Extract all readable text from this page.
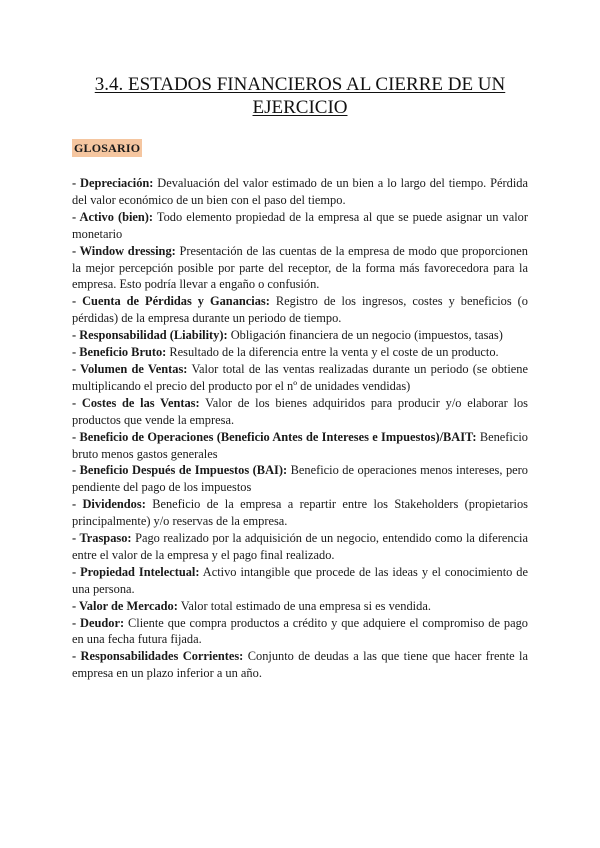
3.4. ESTADOS FINANCIEROS AL CIERRE DE UN EJERCICIO
GLOSARIO

- Depreciación: Devaluación del valor estimado de un bien a lo largo del tiempo. Pérdida del valor económico de un bien con el paso del tiempo.

- Activo (bien): Todo elemento propiedad de la empresa al que se puede asignar un valor monetario

- Window dressing: Presentación de las cuentas de la empresa de modo que proporcionen la mejor percepción posible por parte del receptor, de la forma más favorecedora para la empresa. Esto podría llevar a engaño o confusión.

- Cuenta de Pérdidas y Ganancias: Registro de los ingresos, costes y beneficios (o pérdidas) de la empresa durante un periodo de tiempo.

- Responsabilidad (Liability): Obligación financiera de un negocio (impuestos, tasas)

- Beneficio Bruto: Resultado de la diferencia entre la venta y el coste de un producto.

- Volumen de Ventas: Valor total de las ventas realizadas durante un periodo (se obtiene multiplicando el precio del producto por el nº de unidades vendidas)

- Costes de las Ventas: Valor de los bienes adquiridos para producir y/o elaborar los productos que vende la empresa.

- Beneficio de Operaciones (Beneficio Antes de Intereses e Impuestos)/BAIT: Beneficio bruto menos gastos generales

- Beneficio Después de Impuestos (BAI): Beneficio de operaciones menos intereses, pero pendiente del pago de los impuestos

- Dividendos: Beneficio de la empresa a repartir entre los Stakeholders (propietarios principalmente) y/o reservas de la empresa.

- Traspaso: Pago realizado por la adquisición de un negocio, entendido como la diferencia entre el valor de la empresa y el pago final realizado.

- Propiedad Intelectual: Activo intangible que procede de las ideas y el conocimiento de una persona.

- Valor de Mercado: Valor total estimado de una empresa si es vendida.

- Deudor: Cliente que compra productos a crédito y que adquiere el compromiso de pago en una fecha futura fijada.

- Responsabilidades Corrientes: Conjunto de deudas a las que tiene que hacer frente la empresa en un plazo inferior a un año.
